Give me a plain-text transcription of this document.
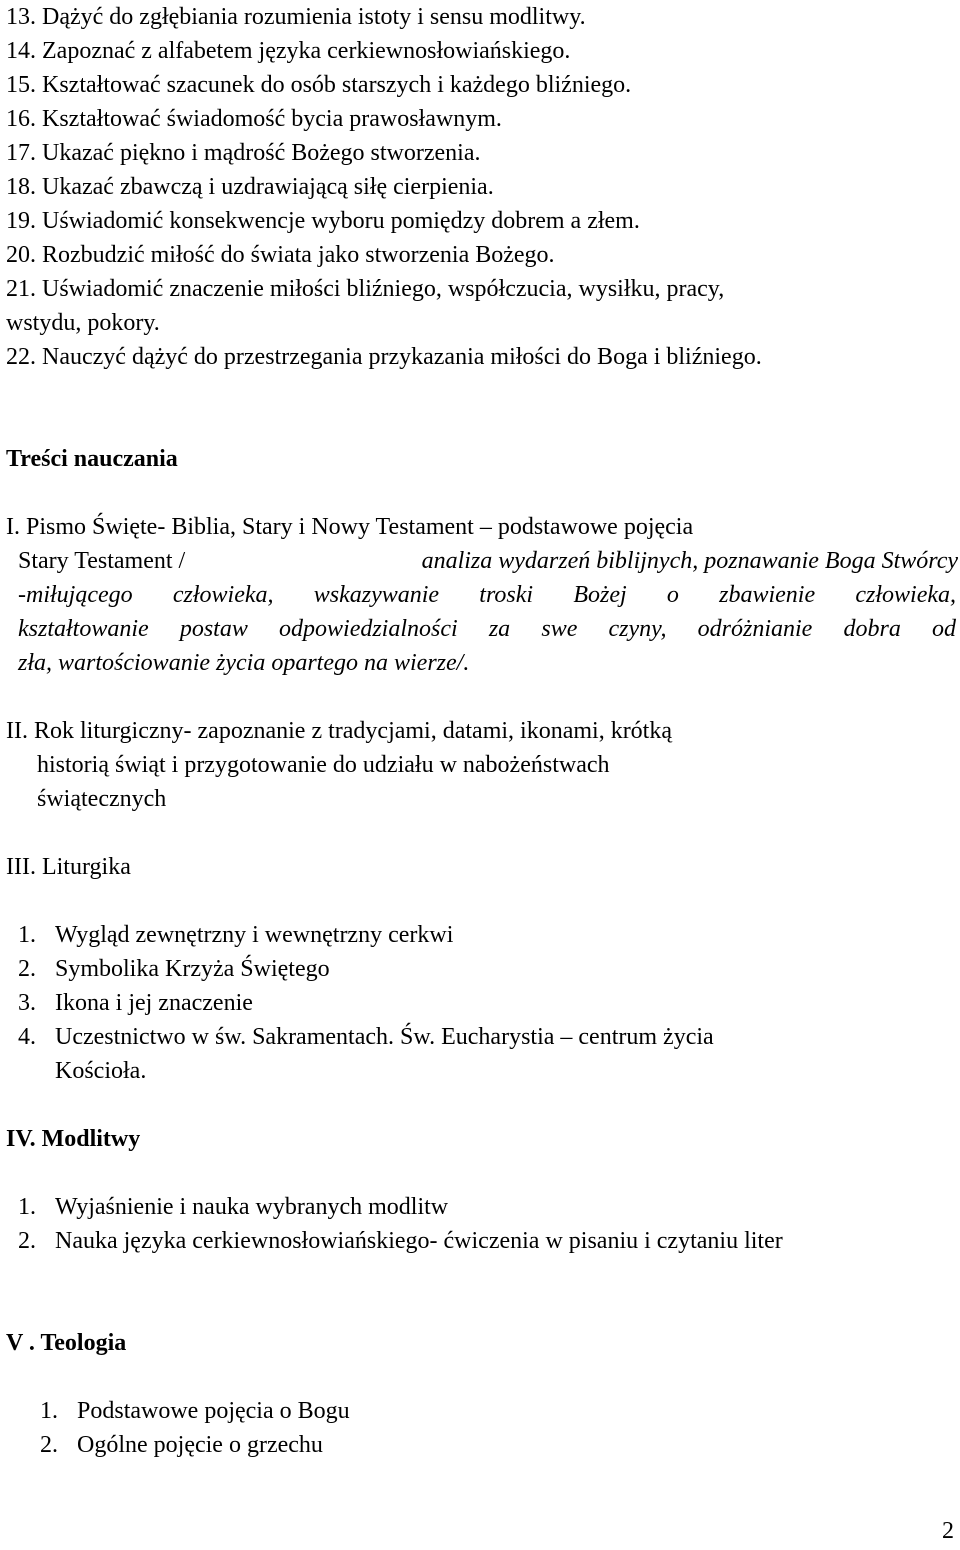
13. Dążyć do zgłębiania rozumienia istoty i sensu modlitwy.
14. Zapoznać z alfabetem języka cerkiewnosłowiańskiego.
15. Kształtować szacunek do osób starszych i każdego bliźniego.
16. Kształtować świadomość bycia prawosławnym.
17. Ukazać piękno i mądrość Bożego stworzenia.
18. Ukazać zbawczą i uzdrawiającą siłę cierpienia.
19. Uświadomić konsekwencje wyboru pomiędzy dobrem a złem.
20. Rozbudzić miłość do świata jako stworzenia Bożego.
21. Uświadomić znaczenie miłości bliźniego, współczucia, wysiłku, pracy,
wstydu, pokory.
22. Nauczyć dążyć do przestrzegania przykazania miłości do Boga i bliźniego.
Treści nauczania
I. Pismo Święte- Biblia, Stary i Nowy Testament – podstawowe pojęcia
Stary Testament /	analiza wydarzeń biblijnych, poznawanie Boga Stwórcy
-miłującego człowieka, wskazywanie troski Bożej o zbawienie człowieka,
kształtowanie postaw odpowiedzialności za swe czyny, odróżnianie dobra od
zła, wartościowanie życia opartego na wierze/.
II. Rok liturgiczny- zapoznanie z tradycjami, datami, ikonami, krótką
historią świąt i przygotowanie do udziału w nabożeństwach
świątecznych
III. Liturgika
1. Wygląd zewnętrzny i wewnętrzny cerkwi
2. Symbolika Krzyża Świętego
3. Ikona i jej znaczenie
4. Uczestnictwo w św. Sakramentach. Św. Eucharystia – centrum życia
Kościoła.
IV. Modlitwy
1. Wyjaśnienie i nauka wybranych modlitw
2. Nauka języka cerkiewnosłowiańskiego- ćwiczenia w pisaniu i czytaniu liter
V . Teologia
1. Podstawowe pojęcia o Bogu
2. Ogólne pojęcie o grzechu
2
